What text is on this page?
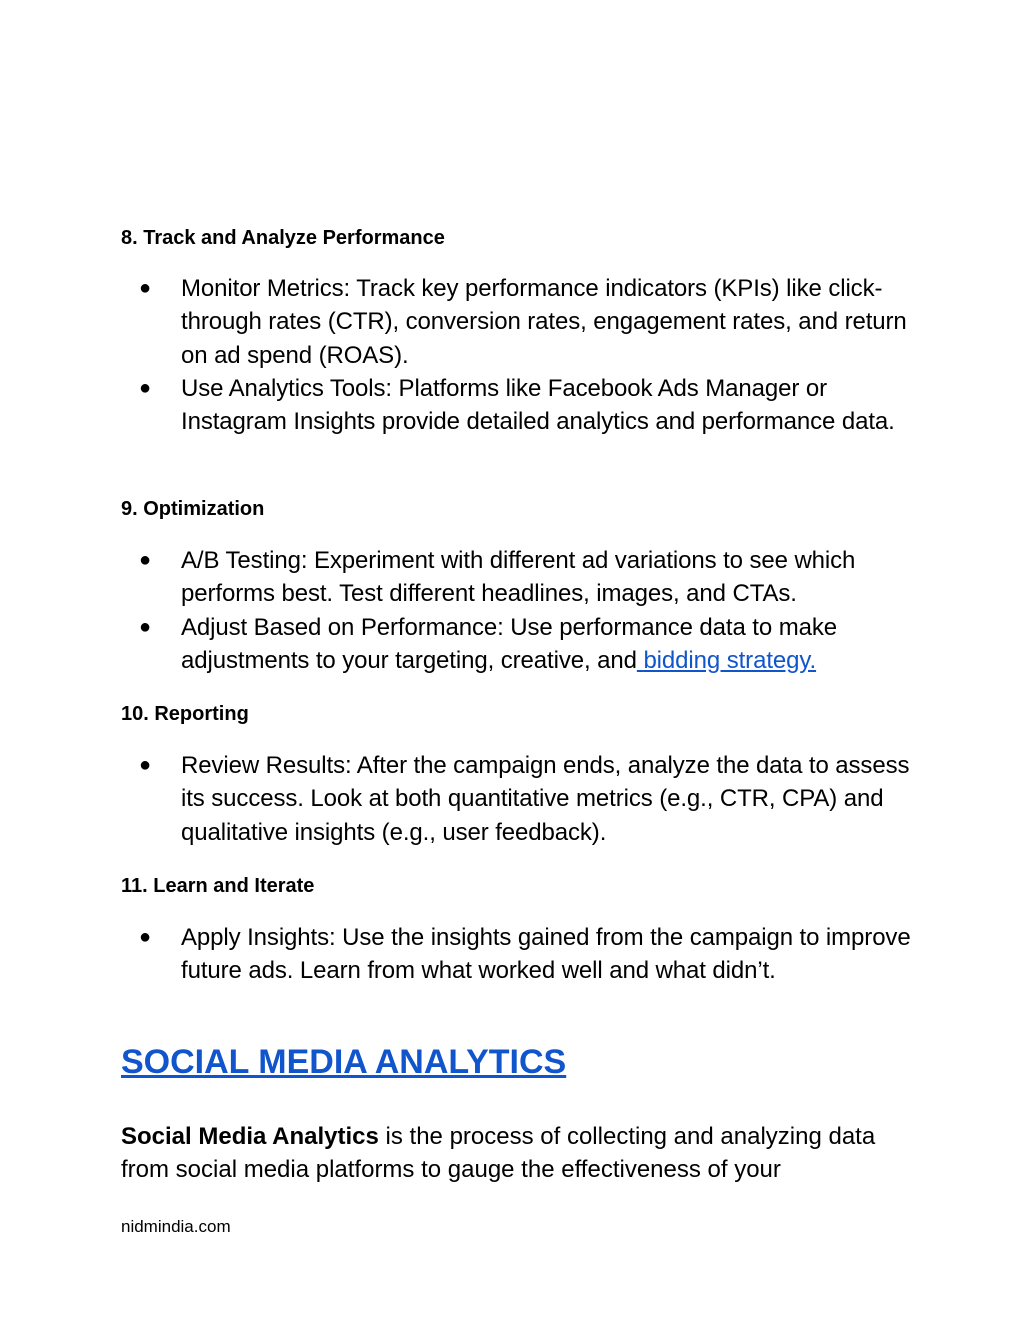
8. Track and Analyze Performance
● Monitor Metrics: Track key performance indicators (KPIs) like click-through rates (CTR), conversion rates, engagement rates, and return on ad spend (ROAS).
● Use Analytics Tools: Platforms like Facebook Ads Manager or Instagram Insights provide detailed analytics and performance data.
9. Optimization
● A/B Testing: Experiment with different ad variations to see which performs best. Test different headlines, images, and CTAs.
● Adjust Based on Performance: Use performance data to make adjustments to your targeting, creative, and bidding strategy.
10. Reporting
● Review Results: After the campaign ends, analyze the data to assess its success. Look at both quantitative metrics (e.g., CTR, CPA) and qualitative insights (e.g., user feedback).
11. Learn and Iterate
● Apply Insights: Use the insights gained from the campaign to improve future ads. Learn from what worked well and what didn’t.
SOCIAL MEDIA ANALYTICS

Social Media Analytics is the process of collecting and analyzing data from social media platforms to gauge the effectiveness of your

nidmindia.com
